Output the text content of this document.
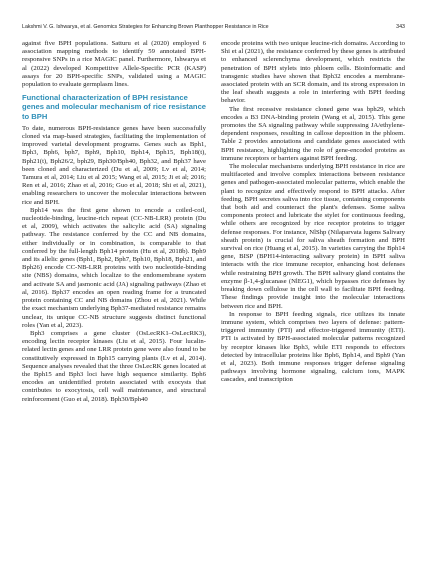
Lakshmi V. G. Ishwarya, et al. Genomics Strategies for Enhancing Brown Planthopper Resistance in Rice	343

against five BPH populations. Satturu et al (2020) employed 6 association mapping methods to identify 59 annotated BPH-responsive SNPs in a rice MAGIC panel. Furthermore, Ishwarya et al (2022) developed Kompetitive Allele-Specific PCR (KASP) assays for 20 BPH-specific SNPs, validated using a MAGIC population to evaluate germplasm lines.

Functional characterization of BPH resistance genes and molecular mechanism of rice resistance to BPH

To date, numerous BPH-resistance genes have been successfully cloned via map-based strategies, facilitating the implementation of improved varietal development programs. Genes such as Bph1, Bph3, Bph6, bph7, Bph9, Bph10, Bph14, Bph15, Bph18(t), Bph21(t), Bph26/2, bph29, Bph30/Bph40, Bph32, and Bph37 have been cloned and characterized (Du et al, 2009; Lv et al, 2014; Tamura et al, 2014; Liu et al 2015; Wang et al, 2015; Ji et al; 2016; Ren et al, 2016; Zhao et al, 2016; Guo et al, 2018; Shi et al, 2021), enabling researchers to uncover the molecular interactions between rice and BPH.

Bph14 was the first gene shown to encode a coiled-coil, nucleotide-binding, leucine-rich repeat (CC-NB-LRR) protein (Du et al, 2009), which activates the salicylic acid (SA) signaling pathway. The resistance conferred by the CC and NB domains, either individually or in combination, is comparable to that conferred by the full-length Bph14 protein (Hu et al, 2018b). Bph9 and its allelic genes (Bph1, Bph2, Bph7, Bph10, Bph18, Bph21, and Bph26) encode CC-NB-LRR proteins with two nucleotide-binding site (NBS) domains, which localize to the endomembrane system and activate SA and jasmonic acid (JA) signaling pathways (Zhao et al, 2016). Bph37 encodes an open reading frame for a truncated protein containing CC and NB domains (Zhou et al, 2021). While the exact mechanism underlying Bph37-mediated resistance remains unclear, its unique CC-NB structure suggests distinct functional roles (Yan et al, 2023).

Bph3 comprises a gene cluster (OsLecRK1–OsLecRK3), encoding lectin receptor kinases (Liu et al, 2015). Four lucalin-related lectin genes and one LRR protein gene were also found to be constitutively expressed in Bph15 carrying plants (Lv et al, 2014). Sequence analyses revealed that the three OsLecRK genes located at the Bph15 and Bph3 loci have high sequence similarity. Bph6 encodes an unidentified protein associated with exocysts that contributes to exocytosis, cell wall maintenance, and structural reinforcement (Guo et al, 2018). Bph30/Bph40

encode proteins with two unique leucine-rich domains. According to Shi et al (2021), the resistance conferred by these genes is attributed to enhanced sclerenchyma development, which restricts the penetration of BPH stylets into phloem cells. Bioinformatic and transgenic studies have shown that Bph32 encodes a membrane-associated protein with an SCR domain, and its strong expression in the leaf sheath suggests a role in interfering with BPH feeding behavior.

The first recessive resistance cloned gene was bph29, which encodes a B3 DNA-binding protein (Wang et al, 2015). This gene promotes the SA signaling pathway while suppressing JA/ethylene-dependent responses, resulting in callose deposition in the phloem. Table 2 provides annotations and candidate genes associated with BPH resistance, highlighting the role of gene-encoded proteins as immune receptors or barriers against BPH feeding.

The molecular mechanisms underlying BPH resistance in rice are multifaceted and involve complex interactions between resistance genes and pathogen-associated molecular patterns, which enable the plant to recognize and effectively respond to BPH attacks. After feeding, BPH secretes saliva into rice tissue, containing components that both aid and counteract the plant's defenses. Some saliva components protect and lubricate the stylet for continuous feeding, while others are recognized by rice receptor proteins to trigger defense responses. For instance, NlShp (Nilaparvata lugens Salivary sheath protein) is crucial for saliva sheath formation and BPH survival on rice (Huang et al, 2015). In varieties carrying the Bph14 gene, BISP (BPH14-interacting salivary protein) in BPH saliva interacts with the rice immune receptor, enhancing host defenses while restraining BPH growth. The BPH salivary gland contains the enzyme β-1,4-glucanase (NlEG1), which bypasses rice defenses by breaking down cellulose in the cell wall to facilitate BPH feeding. These findings provide insight into the molecular interactions between rice and BPH.

In response to BPH feeding signals, rice utilizes its innate immune system, which comprises two layers of defense: pattern-triggered immunity (PTI) and effector-triggered immunity (ETI). PTI is activated by BPH-associated molecular patterns recognized by receptor kinases like Bph3, while ETI responds to effectors detected by intracellular proteins like Bph6, Bph14, and Bph9 (Yan et al, 2023). Both immune responses trigger defense signaling pathways involving hormone signaling, calcium ions, MAPK cascades, and transcription
